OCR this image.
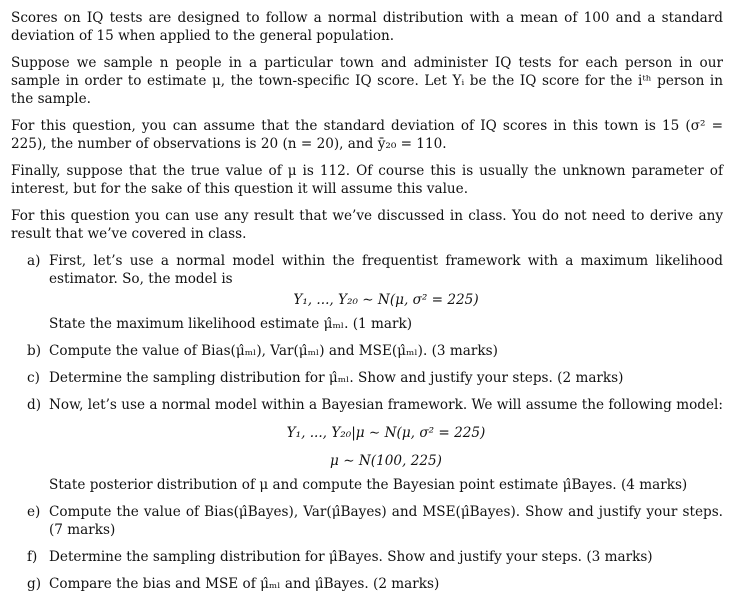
Scores on IQ tests are designed to follow a normal distribution with a mean of 100 and a standard deviation of 15 when applied to the general population.

Suppose we sample n people in a particular town and administer IQ tests for each person in our sample in order to estimate μ, the town-specific IQ score. Let Yᵢ be the IQ score for the iᵗʰ person in the sample.

For this question, you can assume that the standard deviation of IQ scores in this town is 15 (σ² = 225), the number of observations is 20 (n = 20), and ȳ₂₀ = 110.

Finally, suppose that the true value of μ is 112. Of course this is usually the unknown parameter of interest, but for the sake of this question it will assume this value.

For this question you can use any result that we’ve discussed in class. You do not need to derive any result that we’ve covered in class.

a) First, let’s use a normal model within the frequentist framework with a maximum likelihood estimator. So, the model is
Y₁, ..., Y₂₀ ∼ N(μ, σ² = 225)
State the maximum likelihood estimate μ̂ₘₗ. (1 mark)
b) Compute the value of Bias(μ̂ₘₗ), Var(μ̂ₘₗ) and MSE(μ̂ₘₗ). (3 marks)
c) Determine the sampling distribution for μ̂ₘₗ. Show and justify your steps. (2 marks)
d) Now, let’s use a normal model within a Bayesian framework. We will assume the following model:
Y₁, ..., Y₂₀|μ ∼ N(μ, σ² = 225)
μ ∼ N(100, 225)
State posterior distribution of μ and compute the Bayesian point estimate μ̂Bayes. (4 marks)
e) Compute the value of Bias(μ̂Bayes), Var(μ̂Bayes) and MSE(μ̂Bayes). Show and justify your steps. (7 marks)
f) Determine the sampling distribution for μ̂Bayes. Show and justify your steps. (3 marks)
g) Compare the bias and MSE of μ̂ₘₗ and μ̂Bayes. (2 marks)
